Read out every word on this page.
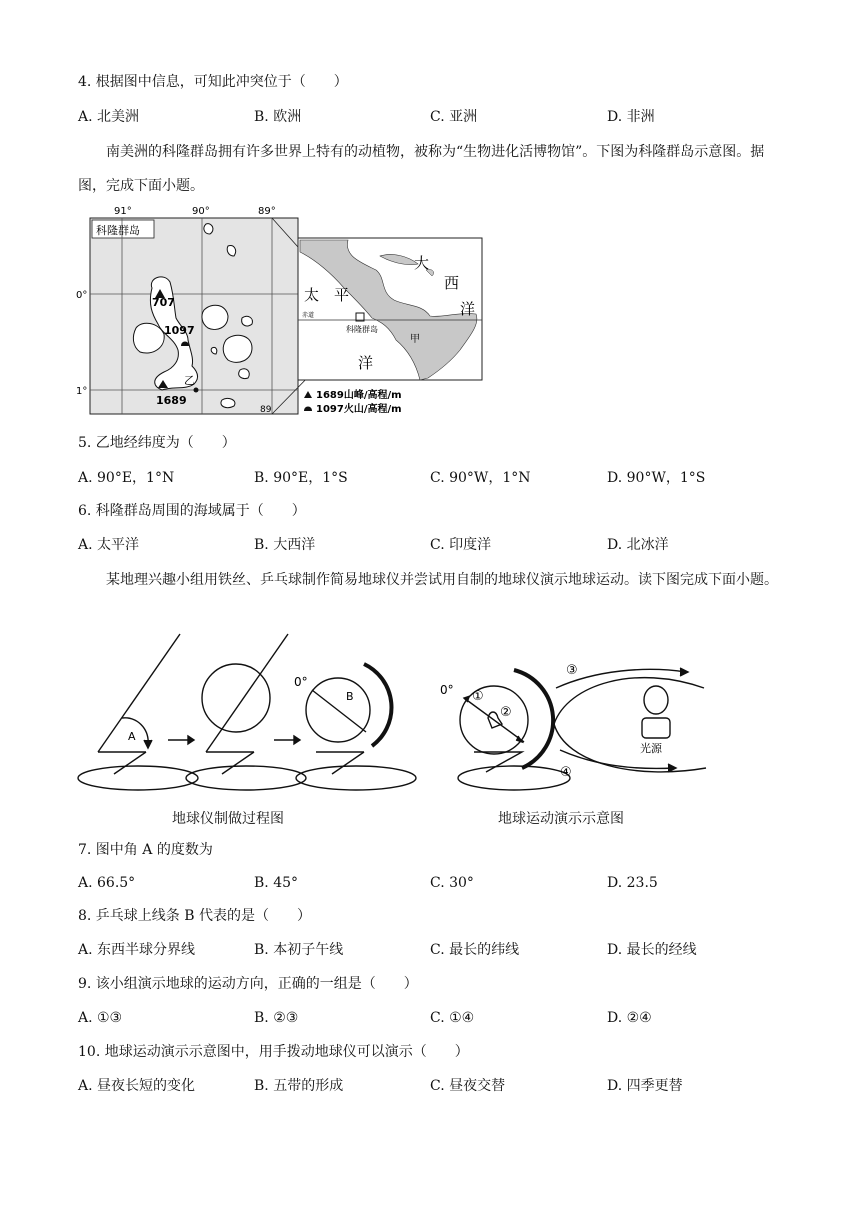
4. 根据图中信息，可知此冲突位于（　　）
A. 北美洲	B. 欧洲	C. 亚洲	D. 非洲
南美洲的科隆群岛拥有许多世界上特有的动植物，被称为“生物进化活博物馆”。下图为科隆群岛示意图。据图，完成下面小题。
科隆群岛
91°	90°	89°
0°
1°
707
1097
1689
乙
89
太 平
洋
大
西
洋
赤道
科隆群岛
甲
1689山峰/高程/m
1097火山/高程/m
5. 乙地经纬度为（　　）
A. 90°E，1°N	B. 90°E，1°S	C. 90°W，1°N	D. 90°W，1°S
6. 科隆群岛周围的海域属于（　　）
A. 太平洋	B. 大西洋	C. 印度洋	D. 北冰洋
某地理兴趣小组用铁丝、乒乓球制作简易地球仪并尝试用自制的地球仪演示地球运动。读下图完成下面小题。
A
B
0°
0° ①
②
③
④
光源
地球仪制做过程图	地球运动演示示意图
7. 图中角 A 的度数为
A. 66.5°	B. 45°	C. 30°	D. 23.5
8. 乒乓球上线条 B 代表的是（　　）
A. 东西半球分界线	B. 本初子午线	C. 最长的纬线	D. 最长的经线
9. 该小组演示地球的运动方向，正确的一组是（　　）
A. ①③	B. ②③	C. ①④	D. ②④
10. 地球运动演示示意图中，用手拨动地球仪可以演示（　　）
A. 昼夜长短的变化	B. 五带的形成	C. 昼夜交替	D. 四季更替
